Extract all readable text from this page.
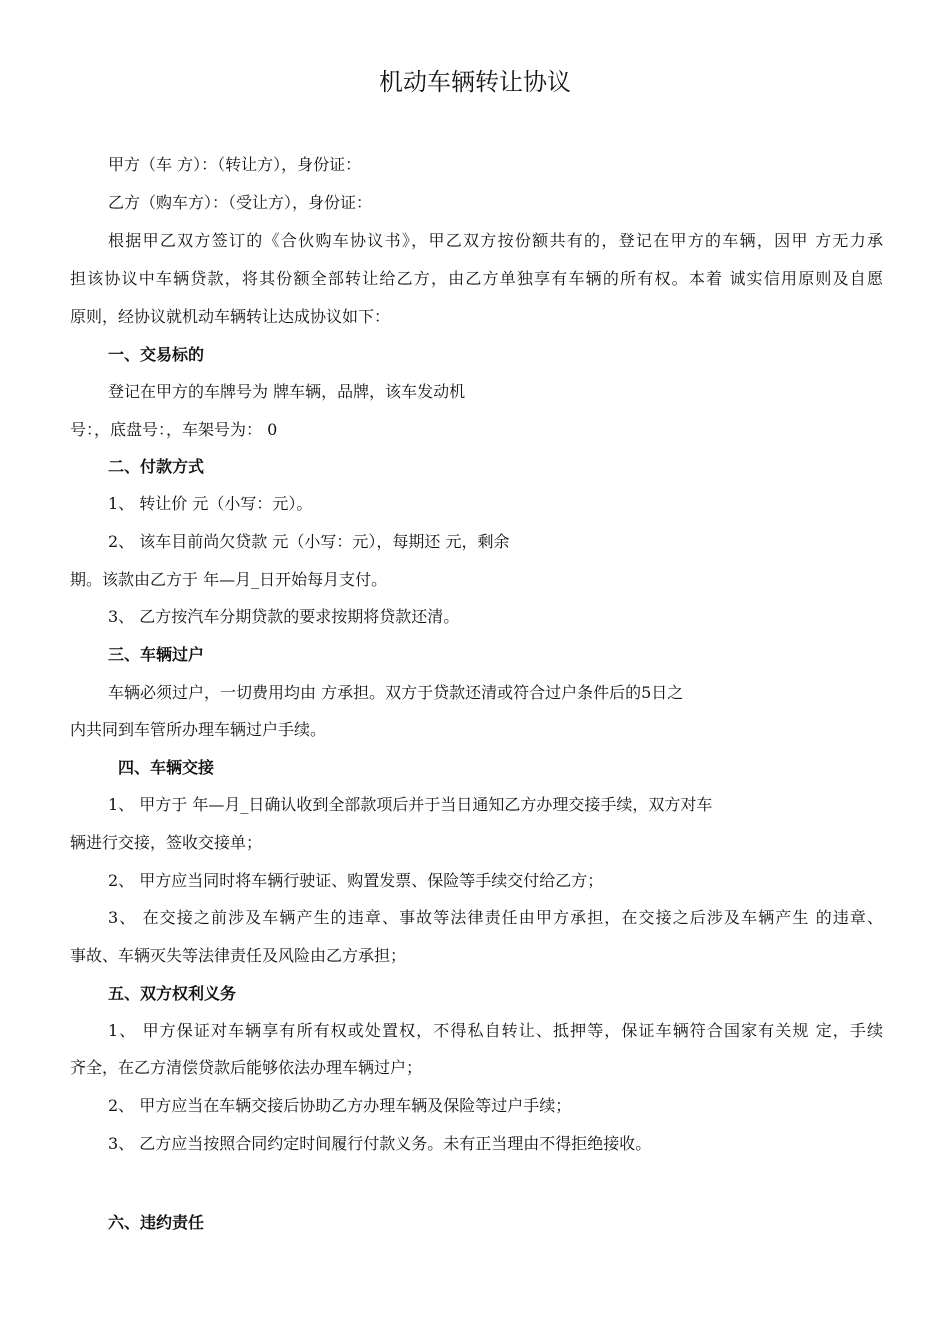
机动车辆转让协议
甲方（车 方）：（转让方），身份证：
乙方（购车方）：（受让方），身份证：
根据甲乙双方签订的《合伙购车协议书》，甲乙双方按份额共有的，登记在甲方的车辆，因甲 方无力承
担该协议中车辆贷款，将其份额全部转让给乙方，由乙方单独享有车辆的所有权。本着 诚实信用原则及自愿
原则，经协议就机动车辆转让达成协议如下：
一、交易标的
登记在甲方的车牌号为 牌车辆，品牌，该车发动机
号：，底盘号：，车架号为： 0
二、付款方式
1、 转让价 元（小写：元）。
2、 该车目前尚欠贷款 元（小写：元），每期还 元，剩余
期。该款由乙方于 年—月_日开始每月支付。
3、 乙方按汽车分期贷款的要求按期将贷款还清。
三、车辆过户
车辆必须过户，一切费用均由 方承担。双方于贷款还清或符合过户条件后的5日之
内共同到车管所办理车辆过户手续。
四、车辆交接
1、 甲方于 年—月_日确认收到全部款项后并于当日通知乙方办理交接手续，双方对车
辆进行交接，签收交接单；
2、 甲方应当同时将车辆行驶证、购置发票、保险等手续交付给乙方；
3、 在交接之前涉及车辆产生的违章、事故等法律责任由甲方承担，在交接之后涉及车辆产生 的违章、
事故、车辆灭失等法律责任及风险由乙方承担；
五、双方权利义务
1、 甲方保证对车辆享有所有权或处置权，不得私自转让、抵押等，保证车辆符合国家有关规 定，手续
齐全，在乙方清偿贷款后能够依法办理车辆过户；
2、 甲方应当在车辆交接后协助乙方办理车辆及保险等过户手续；
3、 乙方应当按照合同约定时间履行付款义务。未有正当理由不得拒绝接收。
六、违约责任
